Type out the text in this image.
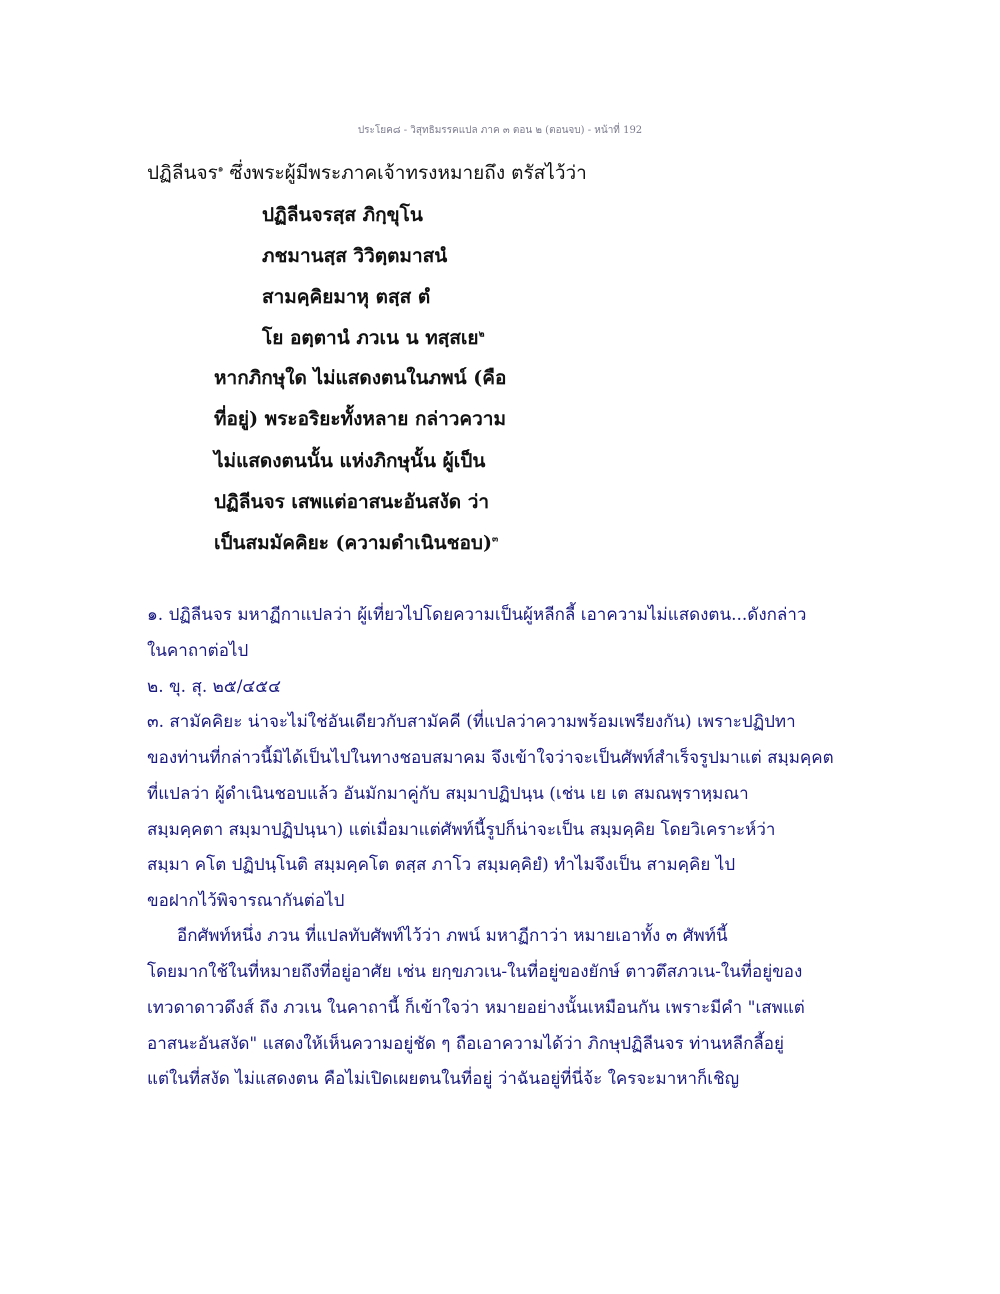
ประโยค๘ - วิสุทธิมรรคแปล ภาค ๓ ตอน ๒ (ตอนจบ) - หน้าที่ 192
ปฏิลีนจร$^๑$ ซึ่งพระผู้มีพระภาคเจ้าทรงหมายถึง ตรัสไว้ว่า
ปฏิลีนจรสฺส ภิกฺขุโน
ภชมานสฺส วิวิตฺตมาสนํ
สามคฺคิยมาหุ ตสฺส ตํ
โย อตฺตานํ ภวเน น ทสฺสเย$^๒$
หากภิกษุใด ไม่แสดงตนในภพน์ (คือ
ที่อยู่) พระอริยะทั้งหลาย กล่าวความ
ไม่แสดงตนนั้น แห่งภิกษุนั้น ผู้เป็น
ปฏิลีนจร เสพแต่อาสนะอันสงัด ว่า
เป็นสมมัคคิยะ (ความดำเนินชอบ)$^๓$
๑. ปฏิลีนจร มหาฏีกาแปลว่า ผู้เที่ยวไปโดยความเป็นผู้หลีกลี้ เอาความไม่แสดงตน...ดังกล่าว
ในคาถาต่อไป
๒. ขุ. สุ. ๒๕/๔๕๔
๓. สามัคคิยะ น่าจะไม่ใช่อันเดียวกับสามัคคี (ที่แปลว่าความพร้อมเพรียงกัน) เพราะปฏิปทา
ของท่านที่กล่าวนี้มิได้เป็นไปในทางชอบสมาคม จึงเข้าใจว่าจะเป็นศัพท์สำเร็จรูปมาแต่ สมฺมคฺคต
ที่แปลว่า ผู้ดำเนินชอบแล้ว อันมักมาคู่กับ สมฺมาปฏิปนฺน (เช่น เย เต สมณพฺราหฺมณา
สมฺมคฺคตา สมฺมาปฏิปนฺนา) แต่เมื่อมาแต่ศัพท์นี้รูปก็น่าจะเป็น สมฺมคฺคิย โดยวิเคราะห์ว่า
สมฺมา คโต ปฏิปนฺโนติ สมฺมคฺคโต ตสฺส ภาโว สมฺมคฺคิยํ) ทำไมจึงเป็น สามคฺคิย ไป
ขอฝากไว้พิจารณากันต่อไป
อีกศัพท์หนึ่ง ภวน ที่แปลทับศัพท์ไว้ว่า ภพน์ มหาฏีกาว่า หมายเอาทั้ง ๓ ศัพท์นี้
โดยมากใช้ในที่หมายถึงที่อยู่อาศัย เช่น ยกฺขภวเน-ในที่อยู่ของยักษ์ ตาวตึสภวเน-ในที่อยู่ของ
เทวดาดาวดึงส์ ถึง ภวเน ในคาถานี้ ก็เข้าใจว่า หมายอย่างนั้นเหมือนกัน เพราะมีคำ "เสพแต่
อาสนะอันสงัด" แสดงให้เห็นความอยู่ชัด ๆ ถือเอาความได้ว่า ภิกษุปฏิลีนจร ท่านหลีกลี้อยู่
แต่ในที่สงัด ไม่แสดงตน คือไม่เปิดเผยตนในที่อยู่ ว่าฉันอยู่ที่นี่จ้ะ ใครจะมาหาก็เชิญ
